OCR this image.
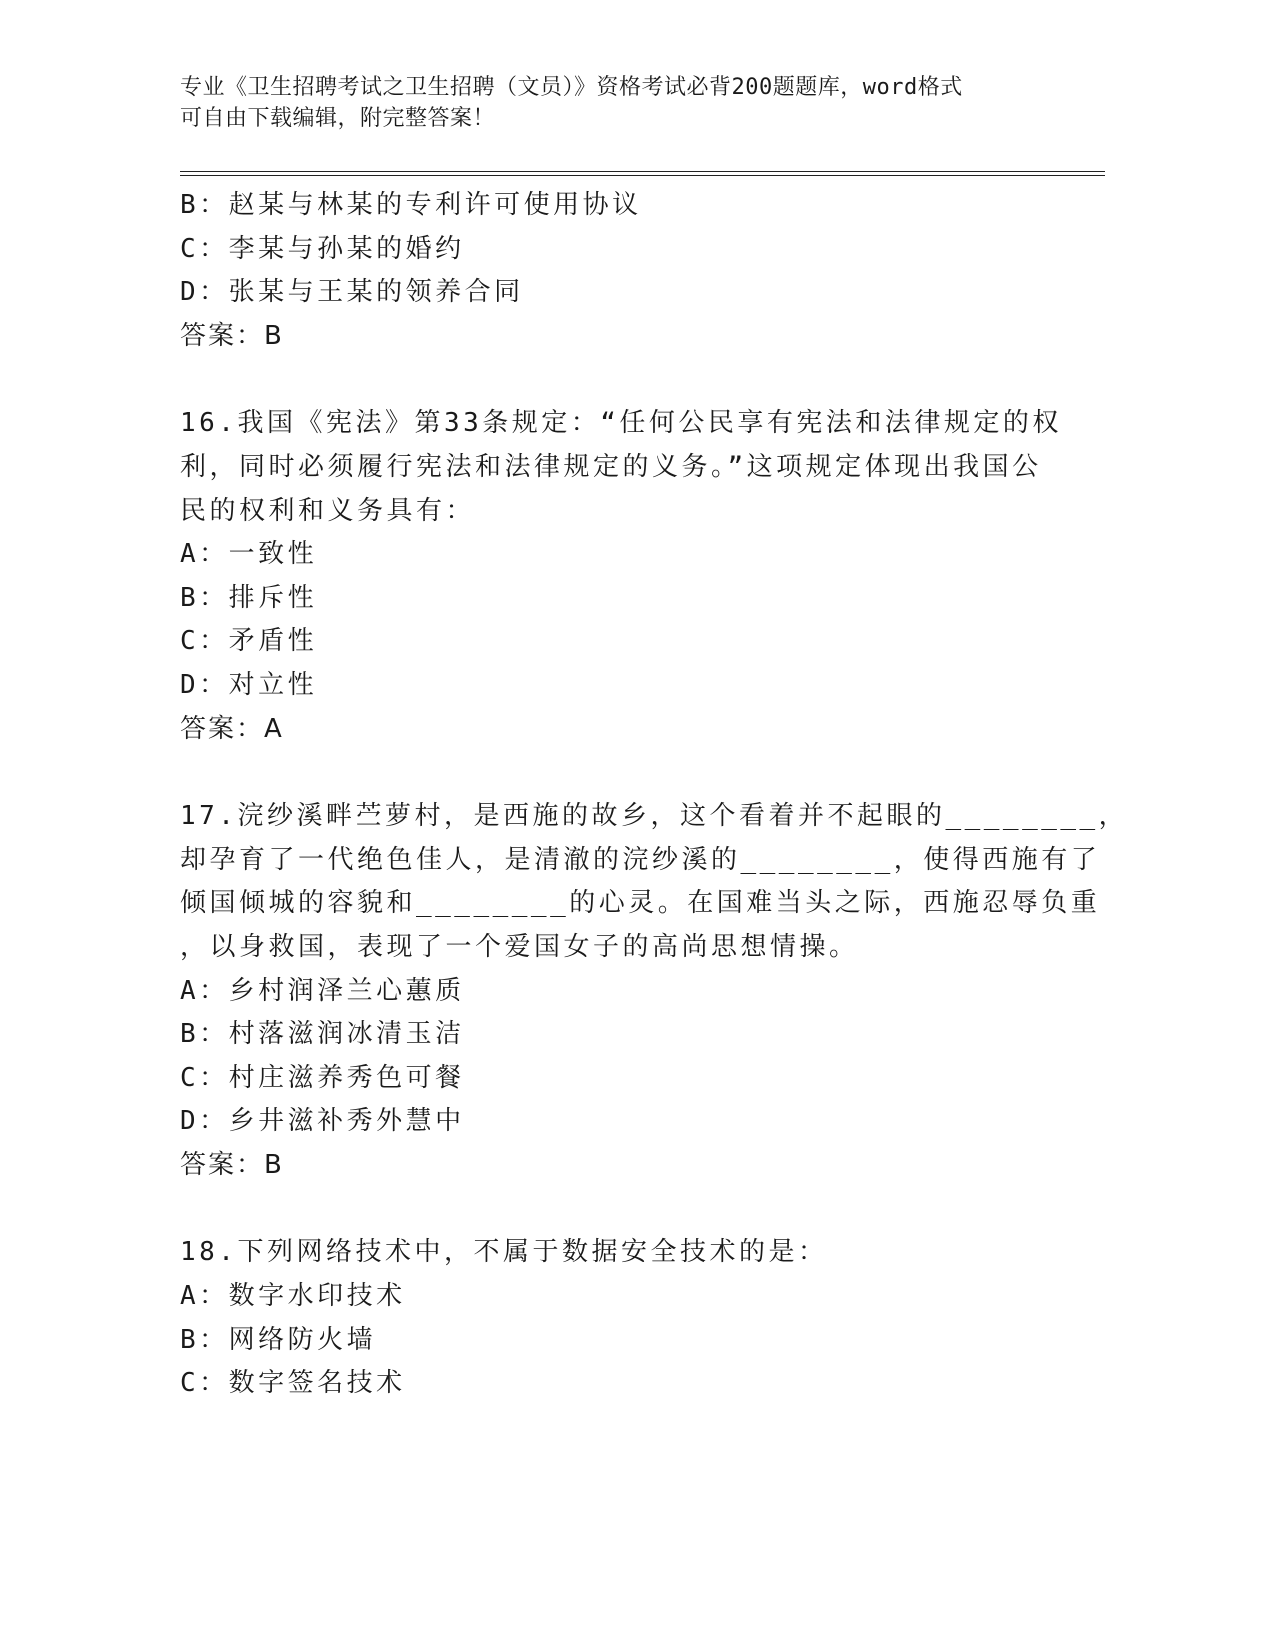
专业《卫生招聘考试之卫生招聘（文员）》资格考试必背200题题库，word格式
可自由下载编辑，附完整答案！
B：赵某与林某的专利许可使用协议
C：李某与孙某的婚约
D：张某与王某的领养合同
答案：B
16.我国《宪法》第33条规定：“任何公民享有宪法和法律规定的权
利，同时必须履行宪法和法律规定的义务。”这项规定体现出我国公
民的权利和义务具有：
A：一致性
B：排斥性
C：矛盾性
D：对立性
答案：A
17.浣纱溪畔苎萝村，是西施的故乡，这个看着并不起眼的________，
却孕育了一代绝色佳人，是清澈的浣纱溪的________，使得西施有了
倾国倾城的容貌和________的心灵。在国难当头之际，西施忍辱负重
，以身救国，表现了一个爱国女子的高尚思想情操。
A：乡村润泽兰心蕙质
B：村落滋润冰清玉洁
C：村庄滋养秀色可餐
D：乡井滋补秀外慧中
答案：B
18.下列网络技术中，不属于数据安全技术的是：
A：数字水印技术
B：网络防火墙
C：数字签名技术
